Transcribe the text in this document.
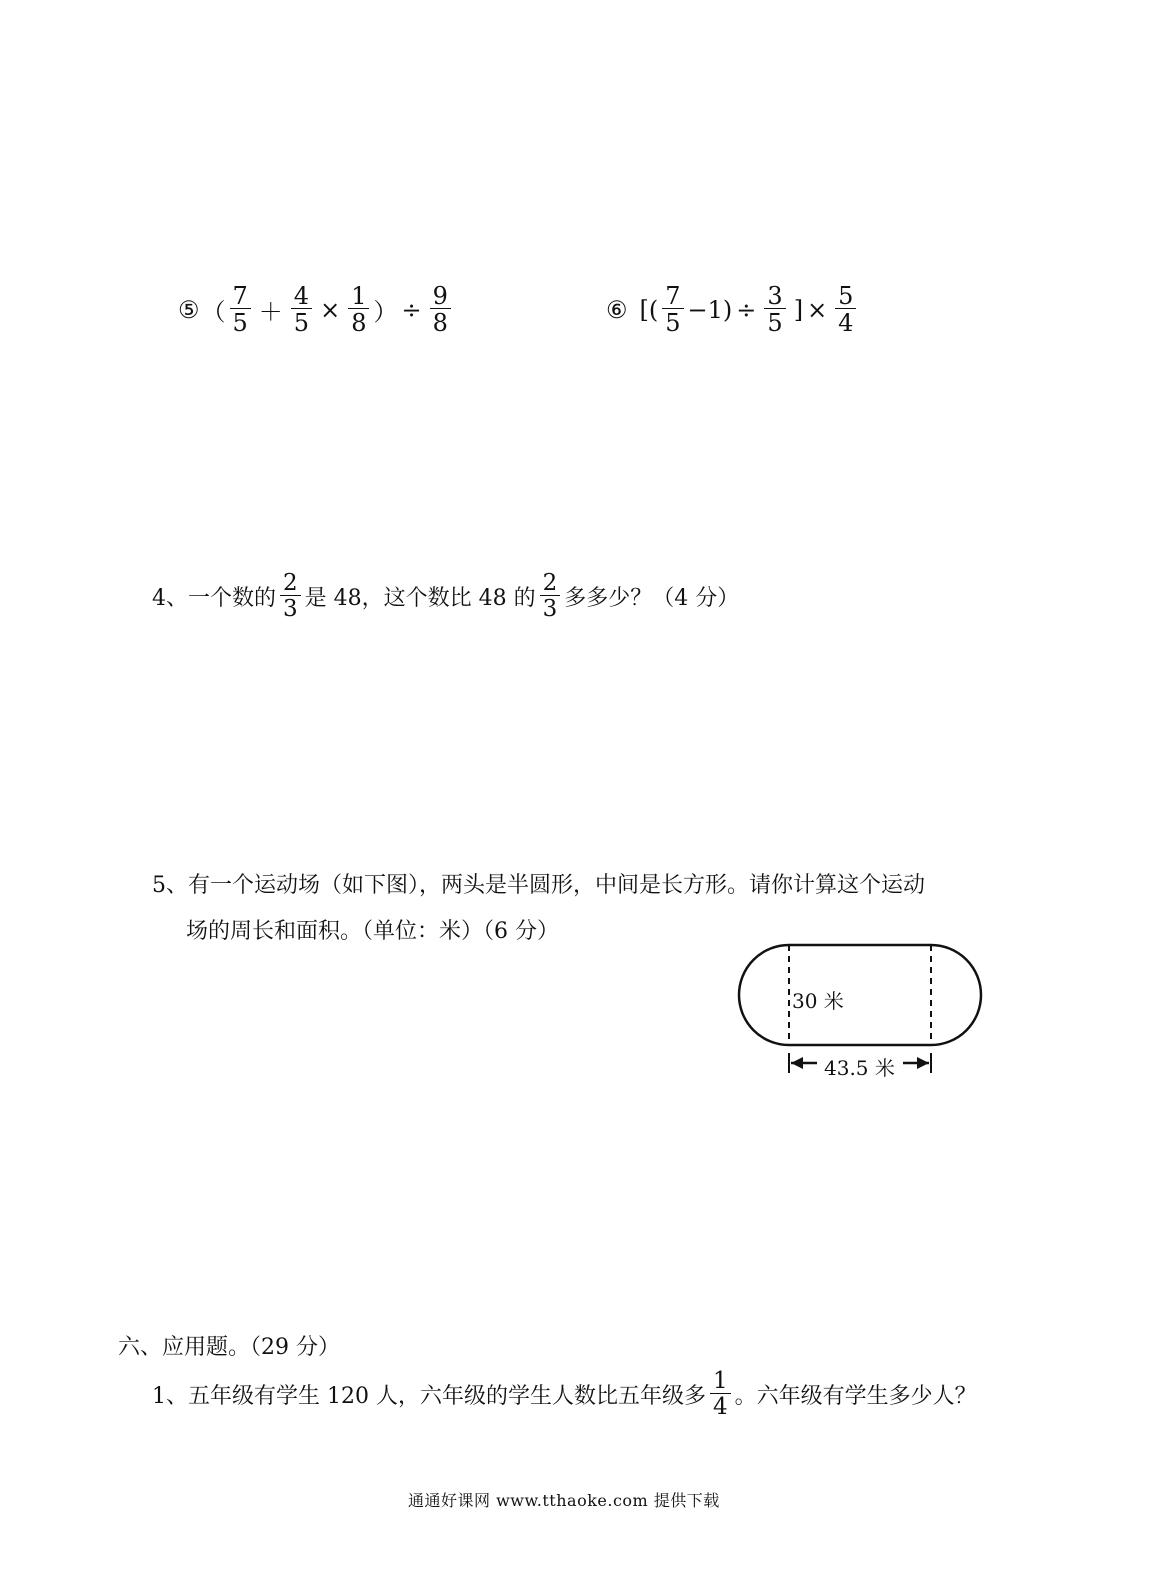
⑤ （ $\frac{7}{5} + \frac{4}{5} \times \frac{1}{8}$ ） ÷ $\frac{9}{8}$	⑥ [ ( $\frac{7}{5} -1) \div \frac{3}{5}$ ] × $\frac{5}{4}$
4、一个数的 $\frac{2}{3}$ 是 48，这个数比 48 的 $\frac{2}{3}$ 多多少？（4 分）
5、有一个运动场（如下图），两头是半圆形，中间是长方形。请你计算这个运动
场的周长和面积。（单位：米）（6 分）
30 米
43.5 米
六、应用题。（29 分）
1、五年级有学生 120 人，六年级的学生人数比五年级多 $\frac{1}{4}$ 。六年级有学生多少人？
通通好课网 www.tthaoke.com 提供下载
